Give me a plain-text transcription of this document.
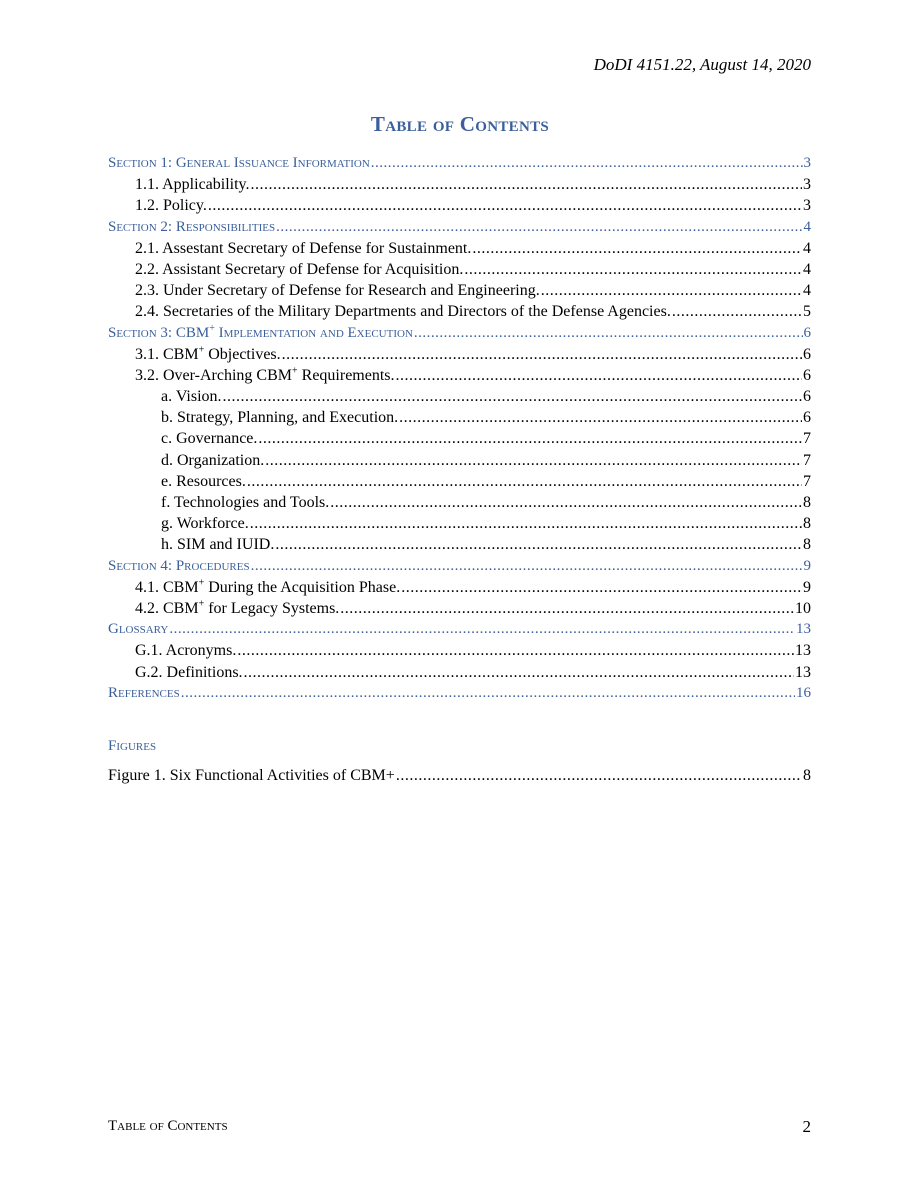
DoDI 4151.22, August 14, 2020
Table of Contents
Section 1: General Issuance Information .....	3
1.1. Applicability. .....	3
1.2. Policy. .....	3
Section 2: Responsibilities .....	4
2.1. Assestant Secretary of Defense for Sustainment. .....	4
2.2. Assistant Secretary of Defense for Acquisition. .....	4
2.3. Under Secretary of Defense for Research and Engineering. .....	4
2.4. Secretaries of the Military Departments and Directors of the Defense Agencies. .....	5
Section 3: CBM+ Implementation and Execution .....	6
3.1. CBM+ Objectives. .....	6
3.2. Over-Arching CBM+ Requirements. .....	6
a. Vision. .....	6
b. Strategy, Planning, and Execution. .....	6
c. Governance. .....	7
d. Organization. .....	7
e. Resources. .....	7
f. Technologies and Tools. .....	8
g. Workforce. .....	8
h. SIM and IUID. .....	8
Section 4: Procedures .....	9
4.1. CBM+ During the Acquisition Phase. .....	9
4.2. CBM+ for Legacy Systems. .....	10
Glossary .....	13
G.1. Acronyms. .....	13
G.2. Definitions. .....	13
References .....	16
Figures
Figure 1. Six Functional Activities of CBM+ .....	8
Table of Contents	2
